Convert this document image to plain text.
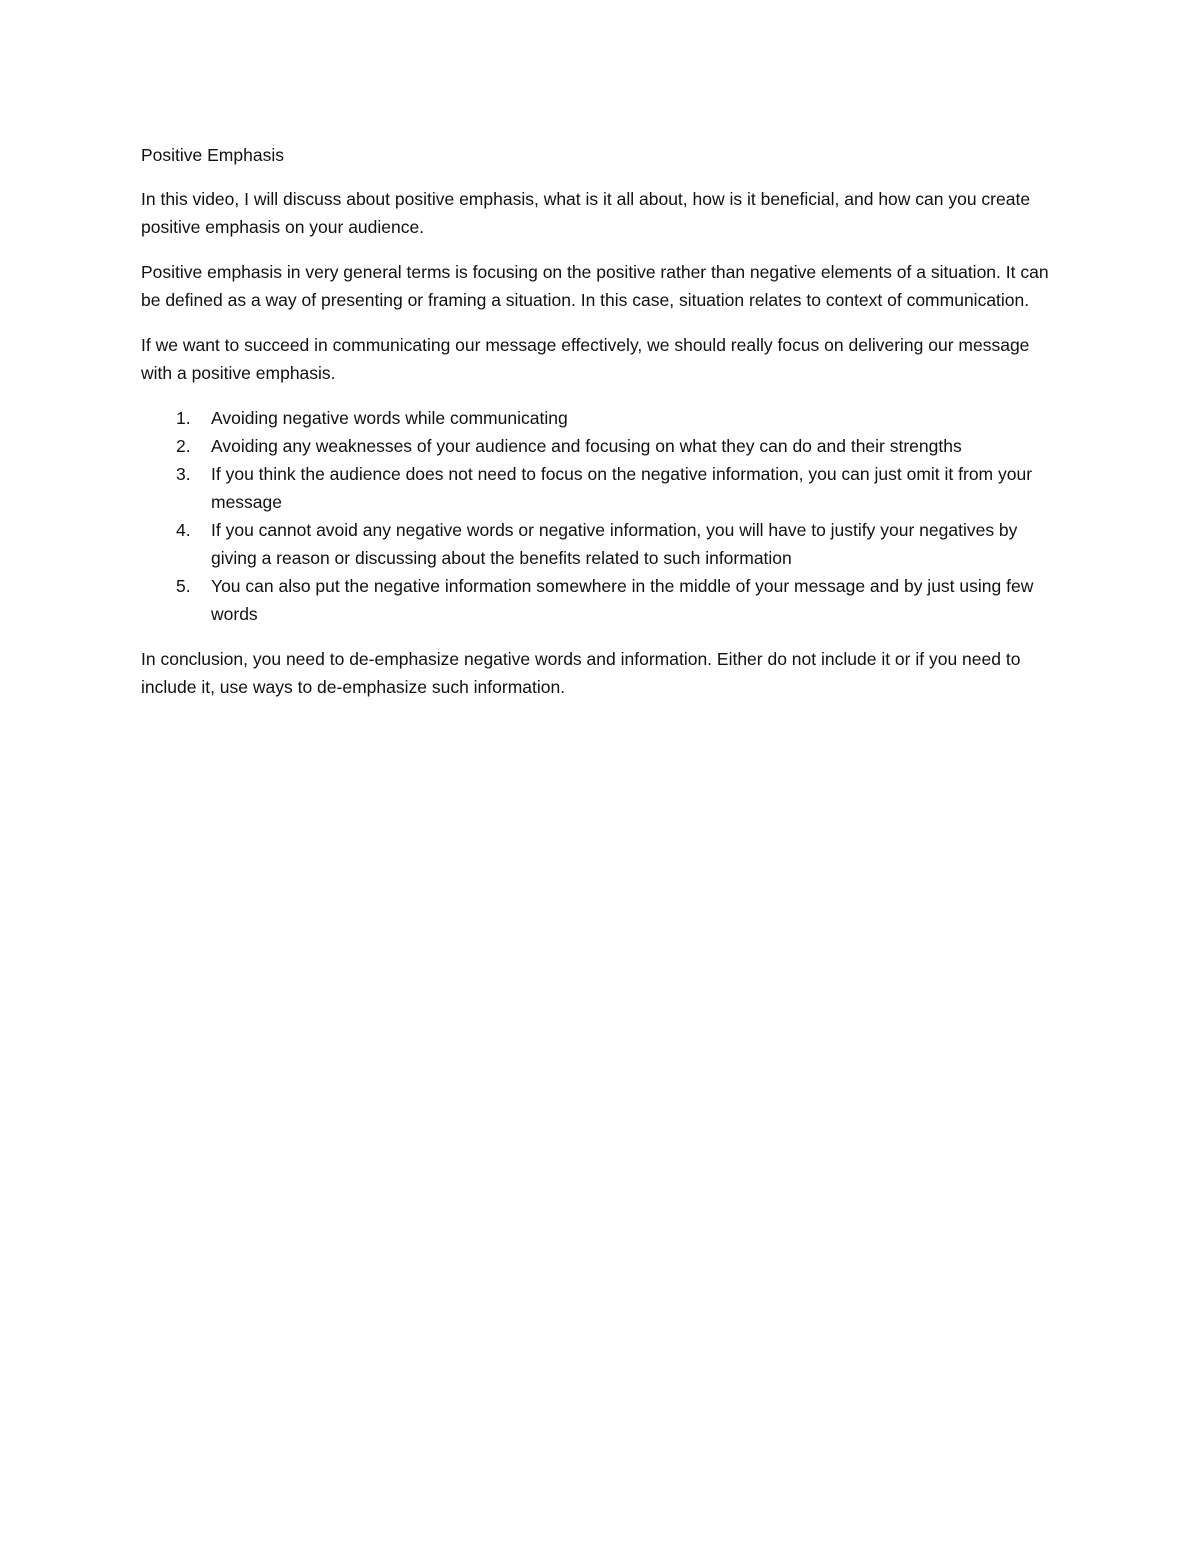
Positive Emphasis

In this video, I will discuss about positive emphasis, what is it all about, how is it beneficial, and how can you create positive emphasis on your audience.

Positive emphasis in very general terms is focusing on the positive rather than negative elements of a situation. It can be defined as a way of presenting or framing a situation. In this case, situation relates to context of communication.

If we want to succeed in communicating our message effectively, we should really focus on delivering our message with a positive emphasis.

1. Avoiding negative words while communicating
2. Avoiding any weaknesses of your audience and focusing on what they can do and their strengths
3. If you think the audience does not need to focus on the negative information, you can just omit it from your message
4. If you cannot avoid any negative words or negative information, you will have to justify your negatives by giving a reason or discussing about the benefits related to such information
5. You can also put the negative information somewhere in the middle of your message and by just using few words

In conclusion, you need to de-emphasize negative words and information. Either do not include it or if you need to include it, use ways to de-emphasize such information.
